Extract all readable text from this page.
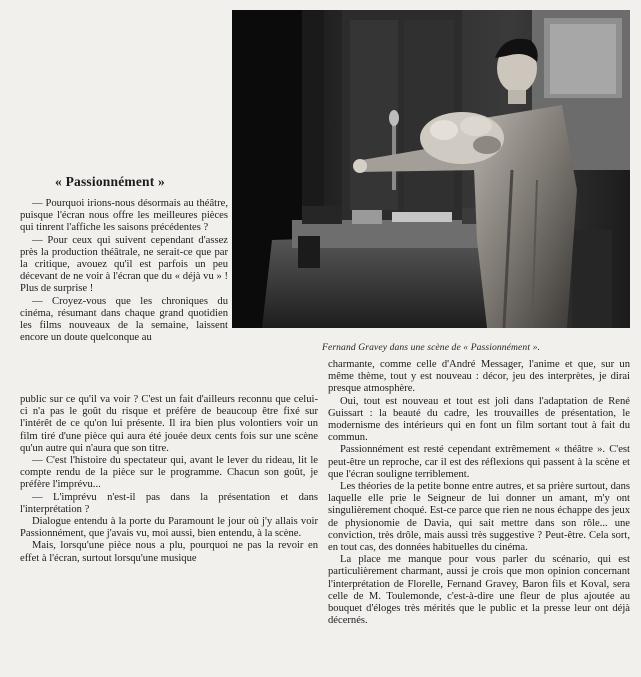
Fernand Gravey dans une scène de « Passionnément ».
« Passionnément »

— Pourquoi irions-nous désormais au théâtre, puisque l'écran nous offre les meilleures pièces qui tinrent l'affiche les saisons précédentes ?

— Pour ceux qui suivent cependant d'assez près la production théâtrale, ne serait-ce que par la critique, avouez qu'il est parfois un peu décevant de ne voir à l'écran que du « déjà vu » ! Plus de surprise !

— Croyez-vous que les chroniques du cinéma, résumant dans chaque grand quotidien les films nouveaux de la semaine, laissent encore un doute quelconque au

charmante, comme celle d'André Messager, l'anime et que, sur un même thème, tout y est nouveau : décor, jeu des interprètes, je dirai presque atmosphère.

Oui, tout est nouveau et tout est joli dans l'adaptation de René Guissart : la beauté du cadre, les trouvailles de présentation, le modernisme des intérieurs qui en font un film sortant tout à fait du commun.

Passionnément est resté cependant extrêmement « théâtre ». C'est peut-être un reproche, car il est des réflexions qui passent à la scène et que l'écran souligne terriblement.

Les théories de la petite bonne entre autres, et sa prière surtout, dans laquelle elle prie le Seigneur de lui donner un amant, m'y ont singulièrement choqué. Est-ce parce que rien ne nous échappe des jeux de physionomie de Davia, qui sait mettre dans son rôle... une conviction, très drôle, mais aussi très suggestive ? Peut-être. Cela sort, en tout cas, des données habituelles du cinéma.

La place me manque pour vous parler du scénario, qui est particulièrement charmant, aussi je crois que mon opinion concernant l'interprétation de Florelle, Fernand Gravey, Baron fils et Koval, sera celle de M. Toulemonde, c'est-à-dire une fleur de plus ajoutée au bouquet d'éloges très mérités que le public et la presse leur ont déjà décernés.

public sur ce qu'il va voir ? C'est un fait d'ailleurs reconnu que celui-ci n'a pas le goût du risque et préfère de beaucoup être fixé sur l'intérêt de ce qu'on lui présente. Il ira bien plus volontiers voir un film tiré d'une pièce qui aura été jouée deux cents fois sur une scène qu'un autre qui n'aura que son titre.

— C'est l'histoire du spectateur qui, avant le lever du rideau, lit le compte rendu de la pièce sur le programme. Chacun son goût, je préfère l'imprévu...

— L'imprévu n'est-il pas dans la présentation et dans l'interprétation ?

Dialogue entendu à la porte du Paramount le jour où j'y allais voir Passionnément, que j'avais vu, moi aussi, bien entendu, à la scène.

Mais, lorsqu'une pièce nous a plu, pourquoi ne pas la revoir en effet à l'écran, surtout lorsqu'une musique
